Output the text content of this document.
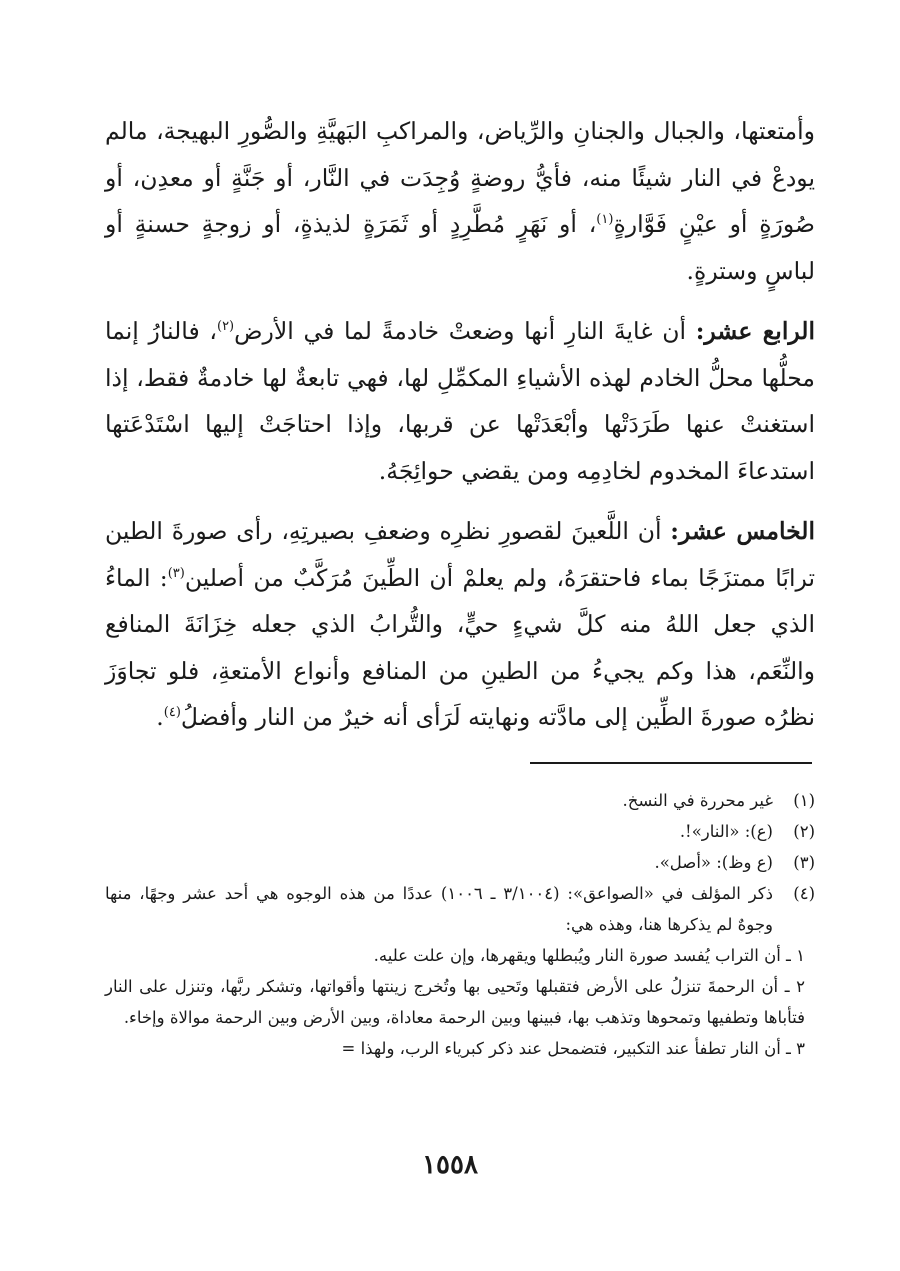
وأمتعتها، والجبال والجنانِ والرِّياض، والمراكبِ البَهيَّةِ والصُّورِ البهيجة، مالم يودعْ في النار شيئًا منه، فأيُّ روضةٍ وُجِدَت في النَّار، أو جَنَّةٍ أو معدِن، أو صُورَةٍ أو عيْنٍ فَوَّارةٍ$^{(١)}$، أو نَهَرٍ مُطَّرِدٍ أو ثَمَرَةٍ لذيذةٍ، أو زوجةٍ حسنةٍ أو لباسٍ وسترةٍ.

الرابع عشر: أن غايةَ النارِ أنها وضعتْ خادمةً لما في الأرض$^{(٢)}$، فالنارُ إنما محلُّها محلُّ الخادم لهذه الأشياءِ المكمِّلِ لها، فهي تابعةٌ لها خادمةٌ فقط، إذا استغنتْ عنها طَرَدَتْها وأبْعَدَتْها عن قربها، وإذا احتاجَتْ إليها اسْتَدْعَتها استدعاءَ المخدوم لخادِمِه ومن يقضي حوائِجَهُ.

الخامس عشر: أن اللَّعينَ لقصورِ نظرِه وضعفِ بصيرتِهِ، رأى صورةَ الطين ترابًا ممتزَجًا بماء فاحتقرَهُ، ولم يعلمْ أن الطِّينَ مُرَكَّبٌ من أصلين$^{(٣)}$: الماءُ الذي جعل اللهُ منه كلَّ شيءٍ حيٍّ، والتُّرابُ الذي جعله خِزَانَةَ المنافع والنِّعَم، هذا وكم يجيءُ من الطينِ من المنافع وأنواع الأمتعةِ، فلو تجاوَزَ نظرُه صورةَ الطِّين إلى مادَّته ونهايته لَرَأى أنه خيرٌ من النار وأفضلُ$^{(٤)}$.

(١)
غير محررة في النسخ.
(٢)
(ع): «النار»!.
(٣)
(ع وظ): «أصل».
(٤)
ذكر المؤلف في «الصواعق»: (٣/١٠٠٤ ـ ١٠٠٦) عددًا من هذه الوجوه هي أحد عشر وجهًا، منها وجوهٌ لم يذكرها هنا، وهذه هي:

١ ـ أن التراب يُفسد صورة النار ويُبطلها ويقهرها، وإن علت عليه.

٢ ـ أن الرحمةَ تنزلُ على الأرض فتقبلها وتَحيى بها وتُخرج زينتها وأقواتها، وتشكر ربَّها، وتنزل على النار فتأباها وتطفيها وتمحوها وتذهب بها، فبينها وبين الرحمة معاداة، وبين الأرض وبين الرحمة موالاة وإخاء.

٣ ـ أن النار تطفأ عند التكبير، فتضمحل عند ذكر كبرياء الرب، ولهذا =

١٥٥٨
